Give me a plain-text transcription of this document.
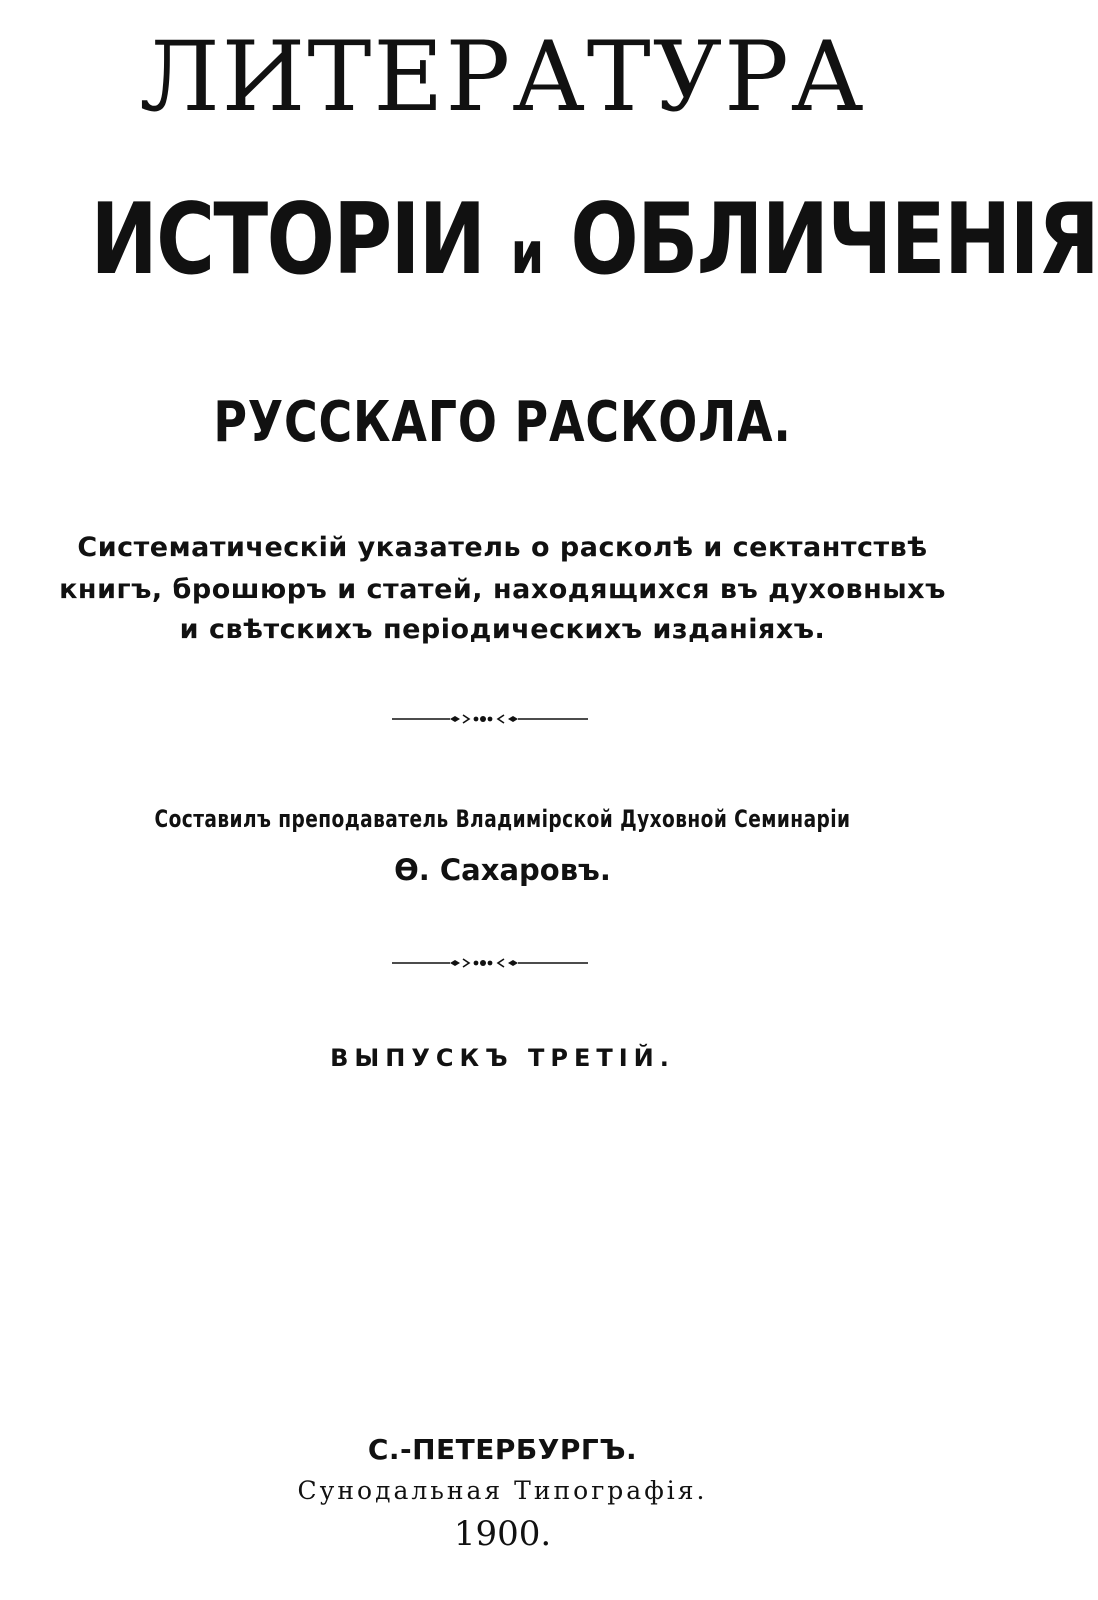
ЛИТЕРАТУРА
ИСТОРІИ и ОБЛИЧЕНІЯ
РУССКАГО РАСКОЛА.
Систематическій указатель о расколѣ и сектантствѣ
книгъ, брошюръ и статей, находящихся въ духовныхъ
и свѣтскихъ періодическихъ изданіяхъ.
Составилъ преподаватель Владимірской Духовной Семинаріи
Ѳ. Сахаровъ.
ВЫПУСКЪ ТРЕТІЙ.
С.-ПЕТЕРБУРГЪ.
Сунодальная Типографія.
1900.
